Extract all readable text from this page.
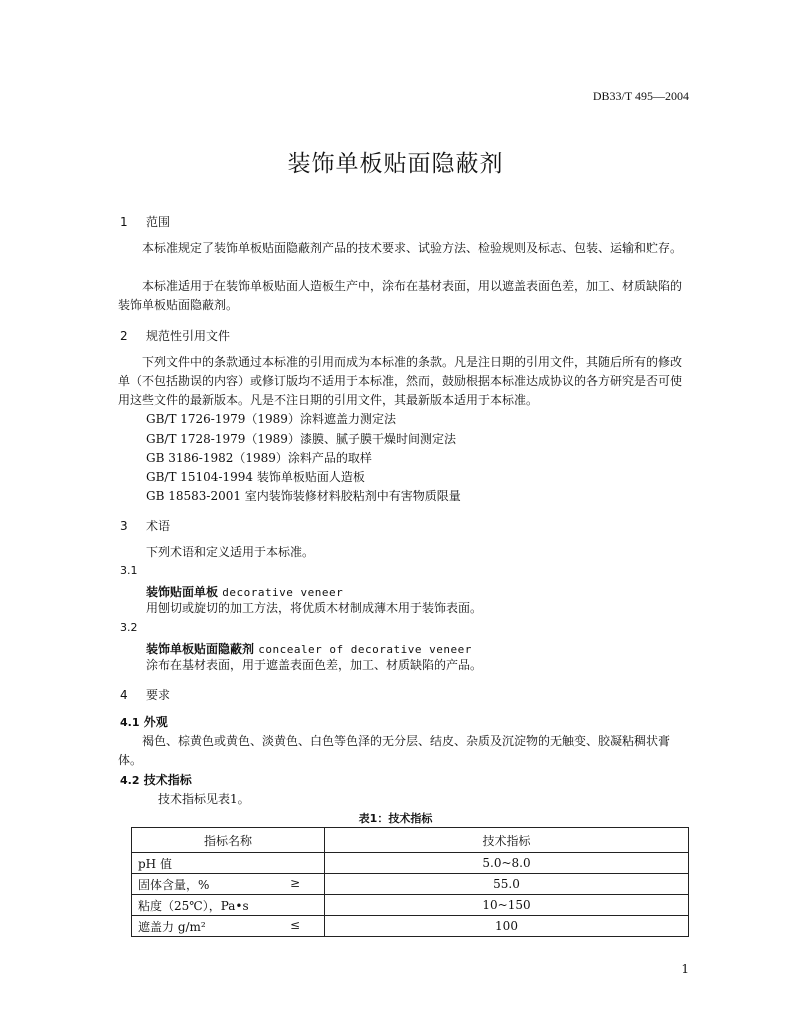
DB33/T 495—2004
装饰单板贴面隐蔽剂
1 范围
本标准规定了装饰单板贴面隐蔽剂产品的技术要求、试验方法、检验规则及标志、包装、运输和贮存。
本标准适用于在装饰单板贴面人造板生产中，涂布在基材表面，用以遮盖表面色差，加工、材质缺陷的装饰单板贴面隐蔽剂。
2 规范性引用文件
下列文件中的条款通过本标准的引用而成为本标准的条款。凡是注日期的引用文件，其随后所有的修改单（不包括勘误的内容）或修订版均不适用于本标准，然而，鼓励根据本标准达成协议的各方研究是否可使用这些文件的最新版本。凡是不注日期的引用文件，其最新版本适用于本标准。
GB/T 1726-1979（1989）涂料遮盖力测定法
GB/T 1728-1979（1989）漆膜、腻子膜干燥时间测定法
GB 3186-1982（1989）涂料产品的取样
GB/T 15104-1994 装饰单板贴面人造板
GB 18583-2001 室内装饰装修材料胶粘剂中有害物质限量
3 术语
下列术语和定义适用于本标准。
3.1
装饰贴面单板 decorative veneer
用刨切或旋切的加工方法，将优质木材制成薄木用于装饰表面。
3.2
装饰单板贴面隐蔽剂 concealer of decorative veneer
涂布在基材表面，用于遮盖表面色差，加工、材质缺陷的产品。
4 要求
4.1 外观
褐色、棕黄色或黄色、淡黄色、白色等色泽的无分层、结皮、杂质及沉淀物的无触变、胶凝粘稠状膏体。
4.2 技术指标
技术指标见表1。
表1：技术指标
指标名称	技术指标
pH 值	5.0~8.0
固体含量，% ≥	55.0
粘度（25℃），Pa•s	10~150
遮盖力 g/m² ≤	100
1
